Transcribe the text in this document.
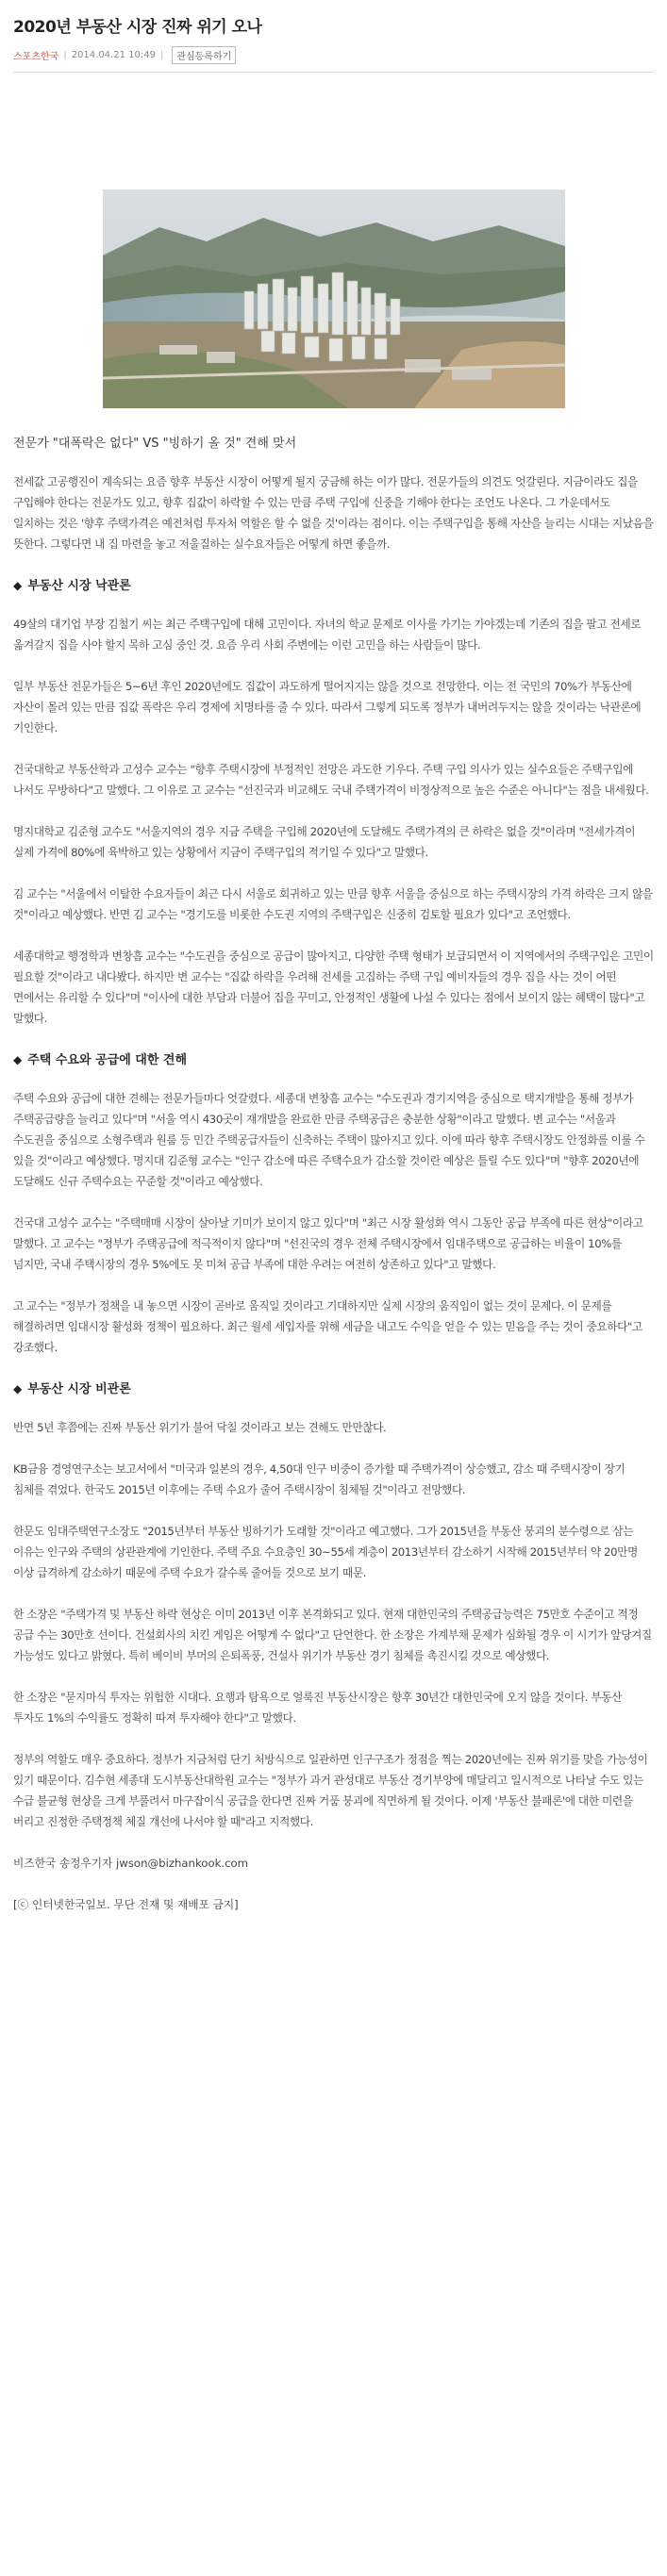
2020년 부동산 시장 진짜 위기 오나
스포츠한국 | 2014.04.21 10:49 |	관심등록하기
전문가 "대폭락은 없다" VS "빙하기 올 것" 견해 맞서

전세값 고공행진이 계속되는 요즘 향후 부동산 시장이 어떻게 될지 궁금해 하는 이가 많다. 전문가들의 의견도 엇갈린다. 지금이라도 집을 구입해야 한다는 전문가도 있고, 향후 집값이 하락할 수 있는 만큼 주택 구입에 신중을 기해야 한다는 조언도 나온다. 그 가운데서도 일치하는 것은 '향후 주택가격은 예전처럼 투자처 역할은 할 수 없을 것'이라는 점이다. 이는 주택구입을 통해 자산을 늘리는 시대는 지났음을 뜻한다. 그렇다면 내 집 마련을 놓고 저울질하는 실수요자들은 어떻게 하면 좋을까.

◆ 부동산 시장 낙관론

49살의 대기업 부장 김철기 씨는 최근 주택구입에 대해 고민이다. 자녀의 학교 문제로 이사를 가기는 가야겠는데 기존의 집을 팔고 전세로 옮겨갈지 집을 사야 할지 목하 고심 중인 것. 요즘 우리 사회 주변에는 이런 고민을 하는 사람들이 많다.

일부 부동산 전문가들은 5~6년 후인 2020년에도 집값이 과도하게 떨어지지는 않을 것으로 전망한다. 이는 전 국민의 70%가 부동산에 자산이 몰려 있는 만큼 집값 폭락은 우리 경제에 치명타를 줄 수 있다. 따라서 그렇게 되도록 정부가 내버려두지는 않을 것이라는 낙관론에 기인한다.

건국대학교 부동산학과 고성수 교수는 "향후 주택시장에 부정적인 전망은 과도한 기우다. 주택 구입 의사가 있는 실수요들은 주택구입에 나서도 무방하다"고 말했다. 그 이유로 고 교수는 "선진국과 비교해도 국내 주택가격이 비정상적으로 높은 수준은 아니다"는 점을 내세웠다.

명지대학교 김준형 교수도 "서울지역의 경우 지금 주택을 구입해 2020년에 도달해도 주택가격의 큰 하락은 없을 것"이라며 "전세가격이 실제 가격에 80%에 육박하고 있는 상황에서 지금이 주택구입의 적기일 수 있다"고 말했다.

김 교수는 "서울에서 이탈한 수요자들이 최근 다시 서울로 회귀하고 있는 만큼 향후 서울을 중심으로 하는 주택시장의 가격 하락은 크지 않을 것"이라고 예상했다. 반면 김 교수는 "경기도를 비롯한 수도권 지역의 주택구입은 신중히 검토할 필요가 있다"고 조언했다.

세종대학교 행정학과 변창흠 교수는 "수도권을 중심으로 공급이 많아지고, 다양한 주택 형태가 보급되면서 이 지역에서의 주택구입은 고민이 필요할 것"이라고 내다봤다. 하지만 변 교수는 "집값 하락을 우려해 전세를 고집하는 주택 구입 예비자들의 경우 집을 사는 것이 어떤 면에서는 유리할 수 있다"며 "이사에 대한 부담과 더불어 집을 꾸미고, 안정적인 생활에 나설 수 있다는 점에서 보이지 않는 혜택이 많다"고 말했다.

◆ 주택 수요와 공급에 대한 견해

주택 수요와 공급에 대한 견해는 전문가들마다 엇갈렸다. 세종대 변창흠 교수는 "수도권과 경기지역을 중심으로 택지개발을 통해 정부가 주택공급량을 늘리고 있다"며 "서울 역시 430곳이 재개발을 완료한 만큼 주택공급은 충분한 상황"이라고 말했다. 변 교수는 "서울과 수도권을 중심으로 소형주택과 원룸 등 민간 주택공급자들이 신축하는 주택이 많아지고 있다. 이에 따라 향후 주택시장도 안정화를 이룰 수 있을 것"이라고 예상했다. 명지대 김준형 교수는 "인구 감소에 따른 주택수요가 감소할 것이란 예상은 틀릴 수도 있다"며 "향후 2020년에 도달해도 신규 주택수요는 꾸준할 것"이라고 예상했다.

건국대 고성수 교수는 "주택매매 시장이 살아날 기미가 보이지 않고 있다"며 "최근 시장 활성화 역시 그동안 공급 부족에 따른 현상"이라고 말했다. 고 교수는 "정부가 주택공급에 적극적이지 않다"며 "선진국의 경우 전체 주택시장에서 임대주택으로 공급하는 비율이 10%를 넘지만, 국내 주택시장의 경우 5%에도 못 미쳐 공급 부족에 대한 우려는 여전히 상존하고 있다"고 말했다.

고 교수는 "정부가 정책을 내 놓으면 시장이 곧바로 움직일 것이라고 기대하지만 실제 시장의 움직임이 없는 것이 문제다. 이 문제를 해결하려면 임대시장 활성화 정책이 필요하다. 최근 월세 세입자를 위해 세금을 내고도 수익을 얻을 수 있는 믿음을 주는 것이 중요하다"고 강조했다.

◆ 부동산 시장 비관론

반면 5년 후쯤에는 진짜 부동산 위기가 불어 닥칠 것이라고 보는 견해도 만만찮다.

KB금융 경영연구소는 보고서에서 "미국과 일본의 경우, 4,50대 인구 비중이 증가할 때 주택가격이 상승했고, 감소 때 주택시장이 장기 침체를 겪었다. 한국도 2015년 이후에는 주택 수요가 줄어 주택시장이 침체될 것"이라고 전망했다.

한문도 임대주택연구소장도 "2015년부터 부동산 빙하기가 도래할 것"이라고 예고했다. 그가 2015년을 부동산 붕괴의 분수령으로 삼는 이유는 인구와 주택의 상관관계에 기인한다. 주택 주요 수요층인 30~55세 계층이 2013년부터 감소하기 시작해 2015년부터 약 20만명 이상 급격하게 감소하기 때문에 주택 수요가 갈수록 줄어들 것으로 보기 때문.

한 소장은 "주택가격 및 부동산 하락 현상은 이미 2013년 이후 본격화되고 있다. 현재 대한민국의 주택공급능력은 75만호 수준이고 적정 공급 수는 30만호 선이다. 건설회사의 치킨 게임은 어떻게 수 없다"고 단언한다. 한 소장은 가계부채 문제가 심화될 경우 이 시기가 앞당겨질 가능성도 있다고 밝혔다. 특히 베이비 부머의 은퇴폭풍, 건설사 위기가 부동산 경기 침체를 촉진시킬 것으로 예상했다.

한 소장은 "묻지마식 투자는 위험한 시대다. 요행과 탐욕으로 얼룩진 부동산시장은 향후 30년간 대한민국에 오지 않을 것이다. 부동산 투자도 1%의 수익률도 정확히 따져 투자해야 한다"고 말했다.

정부의 역할도 매우 중요하다. 정부가 지금처럼 단기 처방식으로 일관하면 인구구조가 정점을 찍는 2020년에는 진짜 위기를 맞을 가능성이 있기 때문이다. 김수현 세종대 도시부동산대학원 교수는 "정부가 과거 관성대로 부동산 경기부양에 매달리고 일시적으로 나타날 수도 있는 수급 불균형 현상을 크게 부풀려서 마구잡이식 공급을 한다면 진짜 거품 붕괴에 직면하게 될 것이다. 이제 '부동산 불패론'에 대한 미련을 버리고 진정한 주택정책 체질 개선에 나서야 할 때"라고 지적했다.

비즈한국 송정우기자 jwson@bizhankook.com
[ⓒ 인터넷한국일보. 무단 전재 및 재배포 금지]
